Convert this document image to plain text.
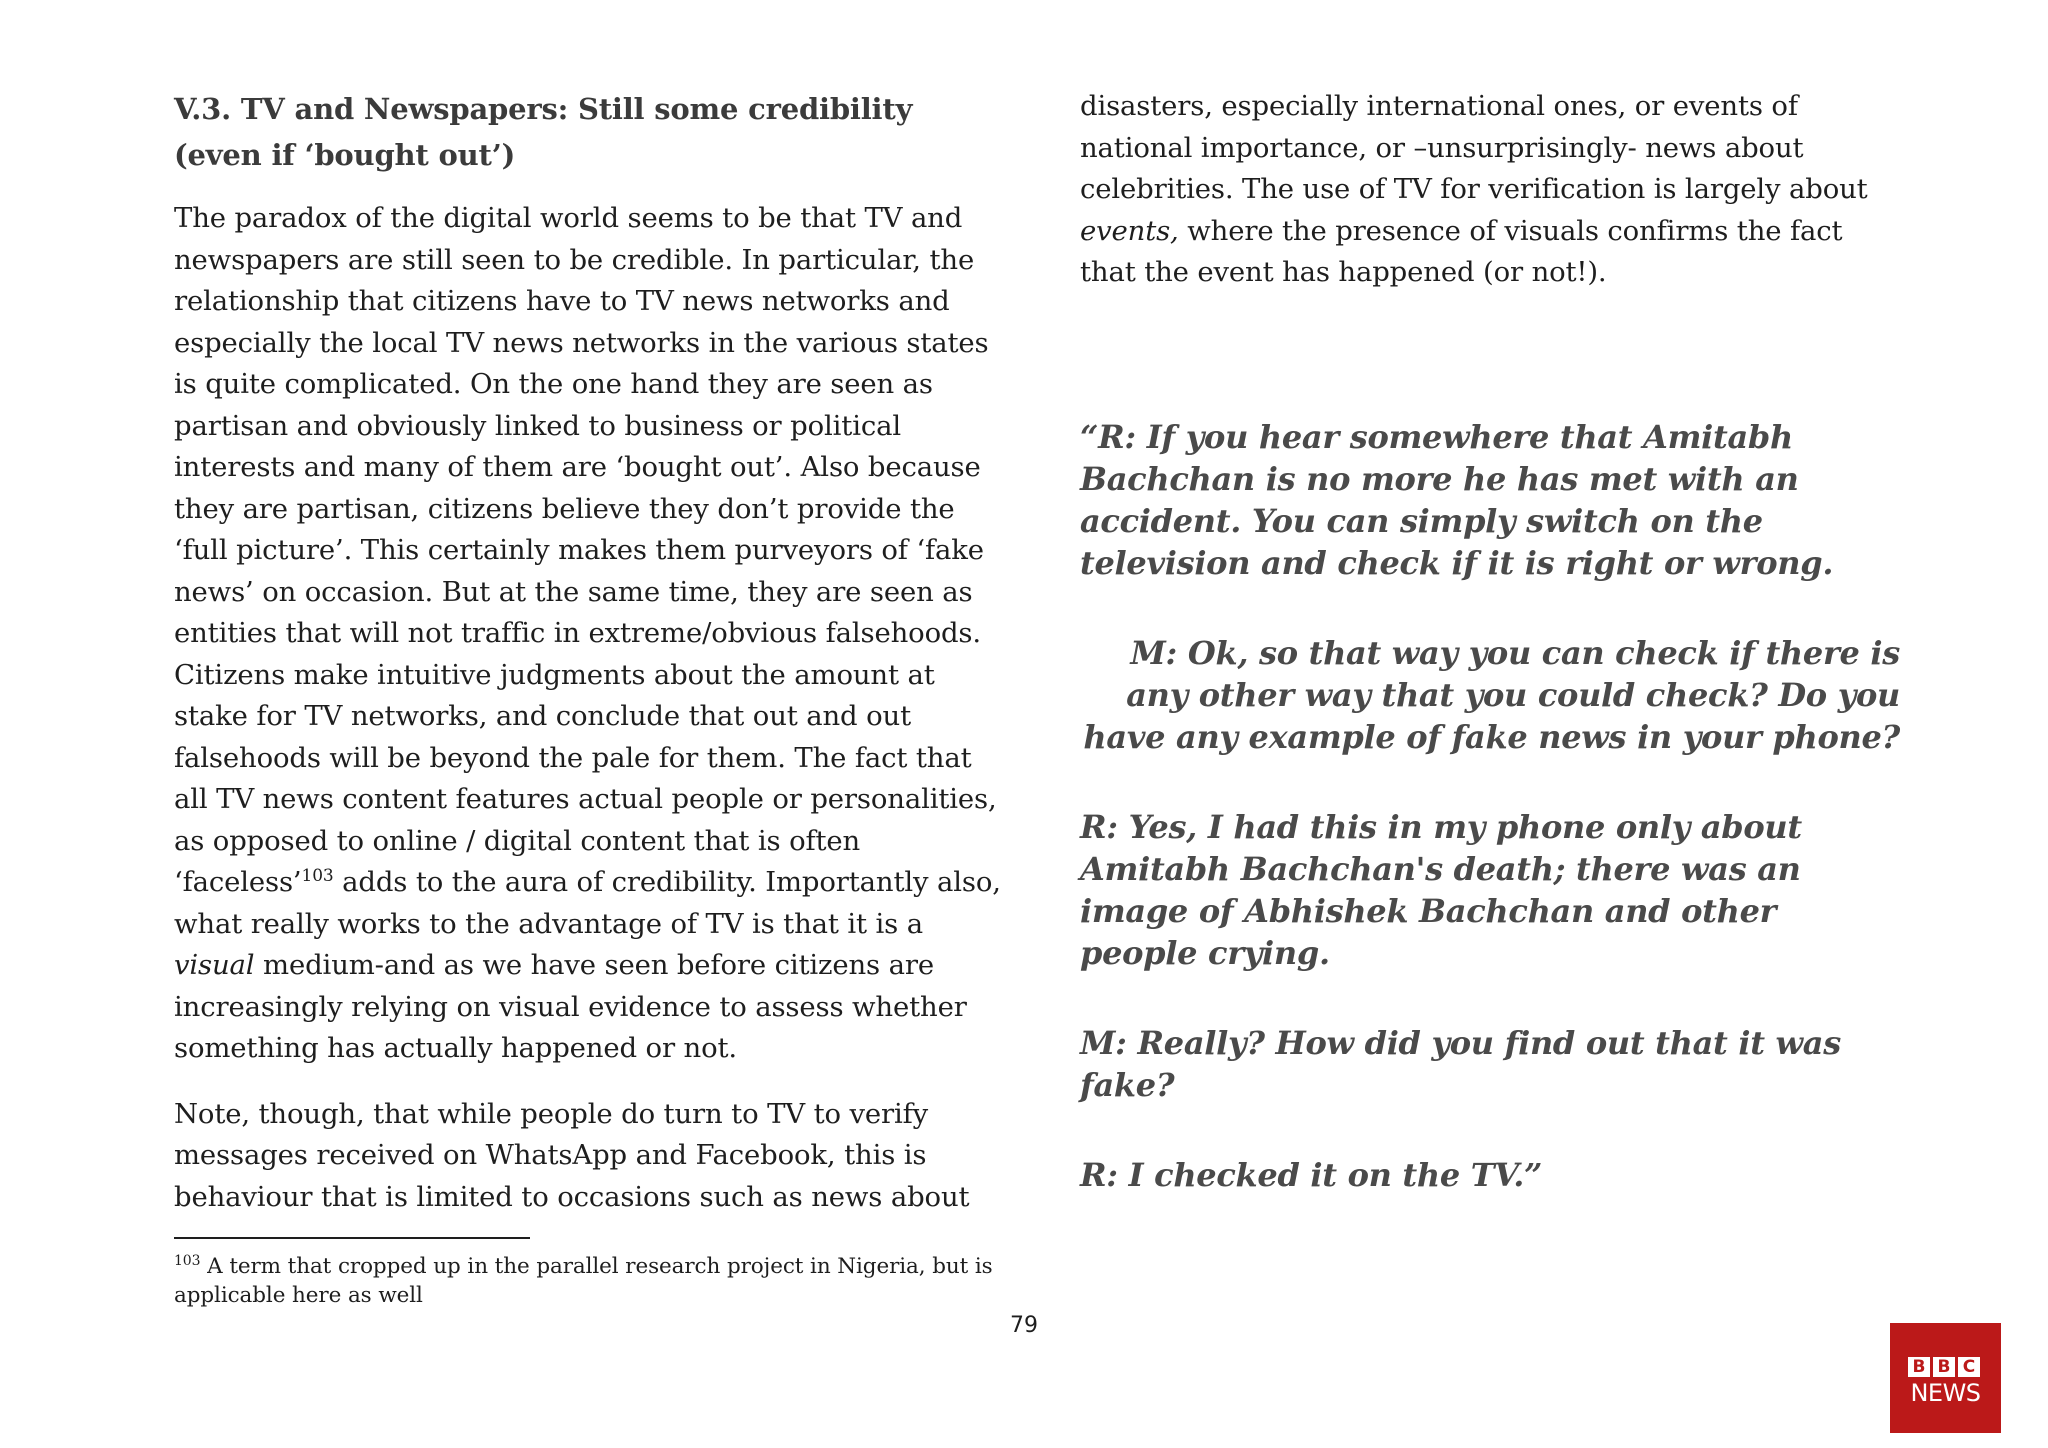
V.3. TV and Newspapers: Still some credibility (even if ‘bought out’)

The paradox of the digital world seems to be that TV and newspapers are still seen to be credible. In particular, the relationship that citizens have to TV news networks and especially the local TV news networks in the various states is quite complicated. On the one hand they are seen as partisan and obviously linked to business or political interests and many of them are ‘bought out’. Also because they are partisan, citizens believe they don’t provide the ‘full picture’. This certainly makes them purveyors of ‘fake news’ on occasion. But at the same time, they are seen as entities that will not traffic in extreme/obvious falsehoods. Citizens make intuitive judgments about the amount at stake for TV networks, and conclude that out and out falsehoods will be beyond the pale for them. The fact that all TV news content features actual people or personalities, as opposed to online / digital content that is often ‘faceless’$^{103}$ adds to the aura of credibility. Importantly also, what really works to the advantage of TV is that it is a visual medium-and as we have seen before citizens are increasingly relying on visual evidence to assess whether something has actually happened or not.

Note, though, that while people do turn to TV to verify messages received on WhatsApp and Facebook, this is behaviour that is limited to occasions such as news about

disasters, especially international ones, or events of national importance, or –unsurprisingly- news about celebrities. The use of TV for verification is largely about events, where the presence of visuals confirms the fact that the event has happened (or not!).

“R: If you hear somewhere that Amitabh Bachchan is no more he has met with an accident. You can simply switch on the television and check if it is right or wrong.

M: Ok, so that way you can check if there is any other way that you could check? Do you have any example of fake news in your phone?

R: Yes, I had this in my phone only about Amitabh Bachchan's death; there was an image of Abhishek Bachchan and other people crying.

M: Really? How did you find out that it was fake?

R: I checked it on the TV.”

$^{103}$ A term that cropped up in the parallel research project in Nigeria, but is applicable here as well
79
B B C
NEWS
